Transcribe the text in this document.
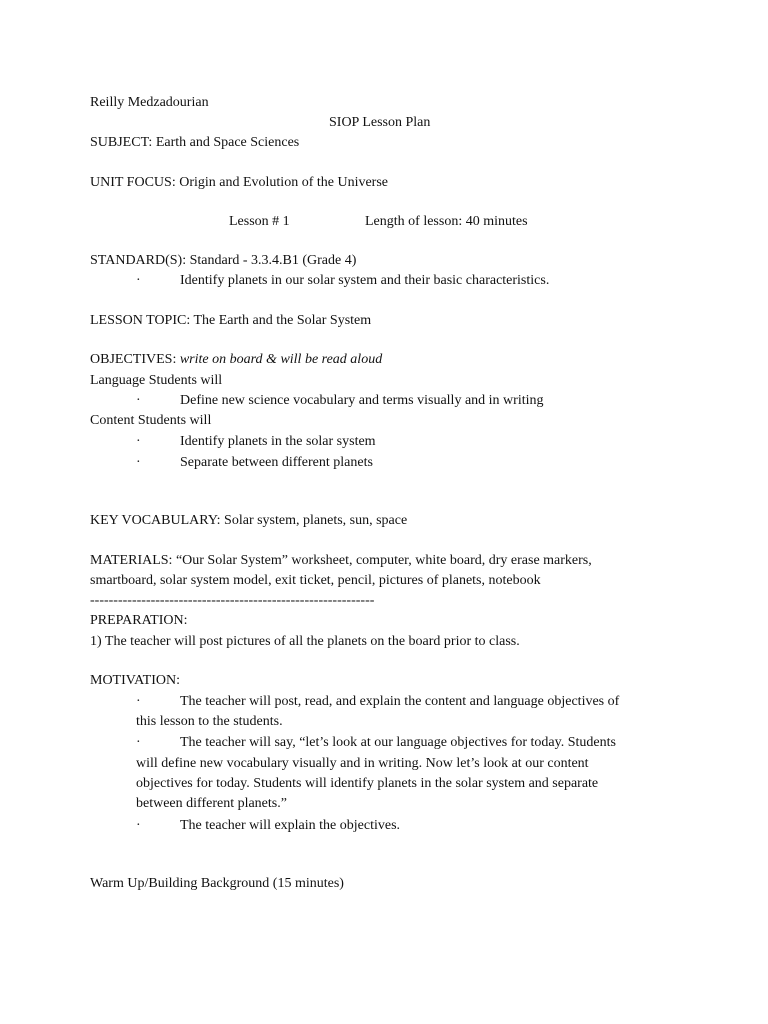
Reilly Medzadourian
SIOP Lesson Plan
SUBJECT: Earth and Space Sciences
UNIT FOCUS: Origin and Evolution of the Universe
Lesson # 1	Length of lesson: 40 minutes
STANDARD(S): Standard - 3.3.4.B1 (Grade 4)
·	Identify planets in our solar system and their basic characteristics.
LESSON TOPIC: The Earth and the Solar System
OBJECTIVES: write on board & will be read aloud
Language Students will
·	Define new science vocabulary and terms visually and in writing
Content Students will
·	Identify planets in the solar system
·	Separate between different planets
KEY VOCABULARY: Solar system, planets, sun, space
MATERIALS: “Our Solar System” worksheet, computer, white board, dry erase markers,
smartboard, solar system model, exit ticket, pencil, pictures of planets, notebook
-------------------------------------------------------------
PREPARATION:
1) The teacher will post pictures of all the planets on the board prior to class.
MOTIVATION:
·	The teacher will post, read, and explain the content and language objectives of
this lesson to the students.
·	The teacher will say, “let’s look at our language objectives for today. Students
will define new vocabulary visually and in writing. Now let’s look at our content
objectives for today. Students will identify planets in the solar system and separate
between different planets.”
·	The teacher will explain the objectives.
Warm Up/Building Background (15 minutes)
